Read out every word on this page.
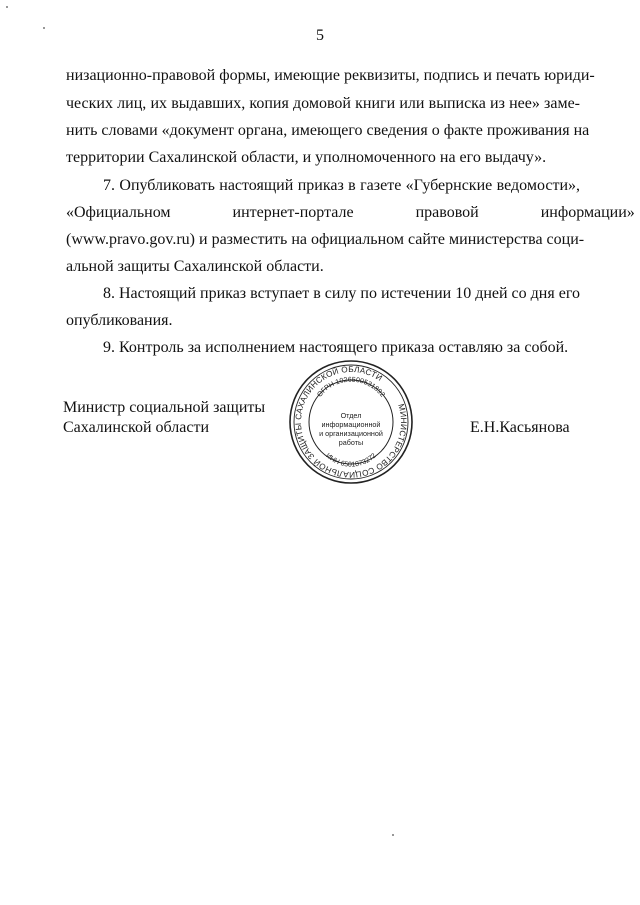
5
низационно-правовой формы, имеющие реквизиты, подпись и печать юриди-
ческих лиц, их выдавших, копия домовой книги или выписка из нее» заме-
нить словами «документ органа, имеющего сведения о факте проживания на
территории Сахалинской области, и уполномоченного на его выдачу».
7. Опубликовать настоящий приказ в газете «Губернские ведомости»,
«Официальном интернет-портале правовой информации»
(www.pravo.gov.ru) и разместить на официальном сайте министерства соци-
альной защиты Сахалинской области.
8. Настоящий приказ вступает в силу по истечении 10 дней со дня его
опубликования.
9. Контроль за исполнением настоящего приказа оставляю за собой.
Министр социальной защиты
Сахалинской области	Е.Н.Касьянова
МИНИСТЕРСТВО СОЦИАЛЬНОЙ ЗАЩИТЫ САХАЛИНСКОЙ ОБЛАСТИ
ОГРН 1026500531892
ИНН 6501073272
Отдел
информационной
и организационной
работы
